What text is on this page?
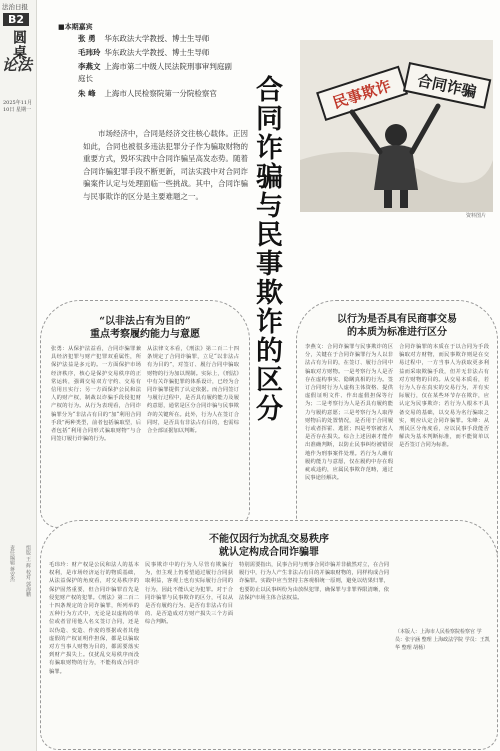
法治日报
B2
圆桌
论法
2025年11月10日 星期一
责任编辑 蒋安杰	组版 王 辉 校对 郭海鹏
■本期嘉宾
张 勇 华东政法大学教授、博士生导师
毛玮玲 华东政法大学教授、博士生导师
李燕文 上海市第二中级人民法院刑事审判庭副庭长
朱 峰 上海市人民检察院第一分院检察官 合同诈骗与民事欺诈的区分	民事欺诈 合同诈骗
资料图片
市场经济中，合同是经济交往核心载体。正因如此，合同也被很多违法犯罪分子作为骗取财物的重要方式，毁坏实践中合同诈骗呈高发态势。随着合同诈骗犯罪手段不断更新，司法实践中对合同诈骗案件认定与处理面临一些挑战。其中，合同诈骗与民事欺诈的区分是主要难题之一。
“以非法占有为目的”
重点考察履约能力与意愿
张勇：从保护法益看，合同诈骗罪兼具经济犯罪与财产犯罪双重属性，所保护法益是多元的。一方面保护市场经济秩序，核心是保护交易秩序的正常运转，强调交易双方守约、交易有信用且实行；另一方面保护公民和法人的财产权，制裁以诈骗手段侵犯财产权的行为。从行为表现看，合同诈骗罪分为“非法占有目的”加“利用合同手段”两种类型，前者包括骗取型，后者包括“利用合同形式骗取财物”与合同签订履行诈骗的行为。
从法律文本看，《刑法》第二百二十四条规定了合同诈骗罪，立足“以非法占有为目的”，对签订、履行合同中骗取财物的行为加以规制。实际上，《刑法》中有关诈骗犯罪的体系设计，已经为合同诈骗罪提供了认定依据。而合同签订与履行过程中，是否具有履约能力及履约意愿，通常是区分合同诈骗与民事欺诈的关键所在。此外，行为人在签订合同时，是否具有非法占有目的，也需综合全部证据加以判断。
以行为是否具有民商事交易
的本质为标准进行区分
李燕文：合同诈骗罪与民事欺诈的区分，关键在于合同诈骗罪行为人以非法占有为目的，在签订、履行合同中骗取对方财物。一是考察行为人是否存在虚构事实、隐瞒真相的行为。签订合同时行为人虚构主体资格、提供虚假证明文件、作出虚假担保等行为；二是考察行为人是否具有履约能力与履约意愿；三是考察行为人取得财物后的处置情况，是否用于合同履行或者挥霍、逃匿；四是考察被害人是否存在损失。综合上述因素才能作出准确判断，以防止民事纠纷被错误地作为刑事案件处理。若行为人确有履约能力与意愿，仅在履约中存在瑕疵或违约，应属民事欺诈范畴，通过民事途径解决。
合同诈骗罪的本质在于以合同为手段骗取对方财物，而民事欺诈则是在交易过程中，一方当事人为获取更多利益而采取欺骗手段，但并无非法占有对方财物的目的。从交易本质看，若行为人存在真实的交易行为，并有实际履行，仅在某些环节存在欺诈，应认定为民事欺诈；若行为人根本不具备交易的基础，以交易为名行骗取之实，则应认定合同诈骗罪。朱峰：从刑民区分角度看，应以民事手段能否解决为基本判断标准，而不能简单以是否签订合同为标准。
不能仅因行为扰乱交易秩序
就认定构成合同诈骗罪
毛玮玲：财产权是公民和法人的基本权利，是市场经济运行的物质基础，从法益保护的角度看，对交易秩序的保护固然重要，但合同诈骗罪首先是侵犯财产权的犯罪。《刑法》第二百二十四条规定的合同诈骗罪，所列举的五种行为方式中，无论是以虚构的单位或者冒用他人名义签订合同，还是以伪造、变造、作废的票据或者其他虚假的产权证明作担保，都是以骗取对方当事人财物为目的，都需要落实到财产损失上。仅扰乱交易秩序而没有骗取财物的行为，不能构成合同诈骗罪。
民事欺诈中的行为人尽管有欺骗行为，但主观上仍希望通过履行合同获取利益，客观上也有实际履行合同的行为，因此不能认定为犯罪。对于合同诈骗罪与民事欺诈的区分，可以从是否有履约行为、是否有非法占有目的、是否造成对方财产损失三个方面综合判断。
特别需要指出，民事合同与刑事合同诈骗并非截然对立，在合同履行中，行为人产生非法占有目的并骗取财物的，同样构成合同诈骗罪。实践中应当坚持主客观相统一原则，避免以结果归罪，也要防止以民事纠纷为由放纵犯罪，确保罪与非罪界限清晰，依法保护市场主体合法权益。
（本版人：上海市人民检察院检察官 学员：张宇涵 整理 上海政法学院 学员：王凯华 整理 胡杨）
